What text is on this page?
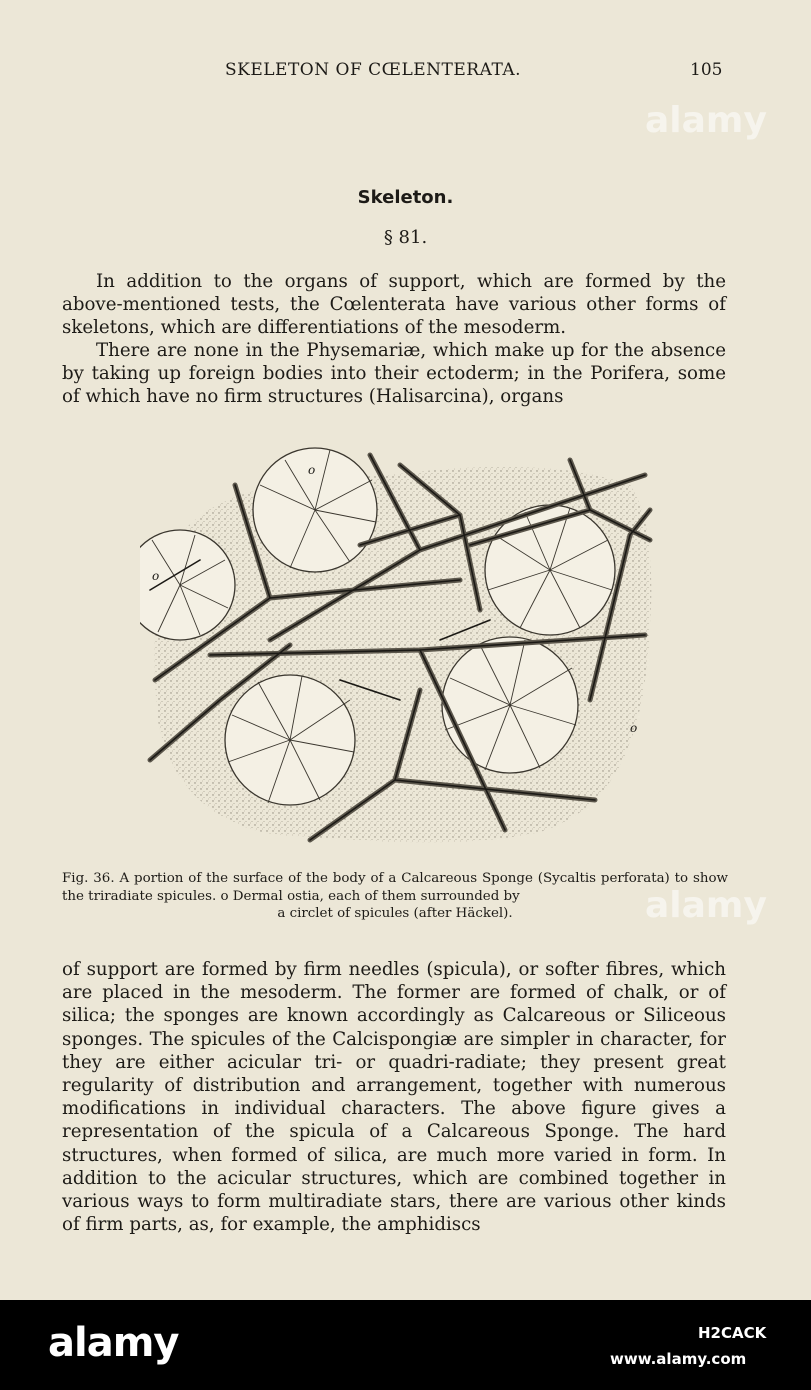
SKELETON OF CŒLENTERATA.	105
Skeleton.
§ 81.

In addition to the organs of support, which are formed by the above-mentioned tests, the Cœlenterata have various other forms of skeletons, which are differentiations of the mesoderm.

There are none in the Physemariæ, which make up for the absence by taking up foreign bodies into their ectoderm; in the Porifera, some of which have no firm structures (Halisarcina), organs

o
o
o
Fig. 36. A portion of the surface of the body of a Calcareous Sponge (Sycaltis perforata) to show the triradiate spicules. o Dermal ostia, each of them surrounded by
a circlet of spicules (after Häckel).

of support are formed by firm needles (spicula), or softer fibres, which are placed in the mesoderm. The former are formed of chalk, or of silica; the sponges are known accordingly as Calcareous or Siliceous sponges. The spicules of the Calcispongiæ are simpler in character, for they are either acicular tri- or quadri-radiate; they present great regularity of distribution and arrangement, together with numerous modifications in individual characters. The above figure gives a representation of the spicula of a Calcareous Sponge. The hard structures, when formed of silica, are much more varied in form. In addition to the acicular structures, which are combined together in various ways to form multiradiate stars, there are various other kinds of firm parts, as, for example, the amphidiscs

alamy
alamy
alamy	H2CACK
www.alamy.com
